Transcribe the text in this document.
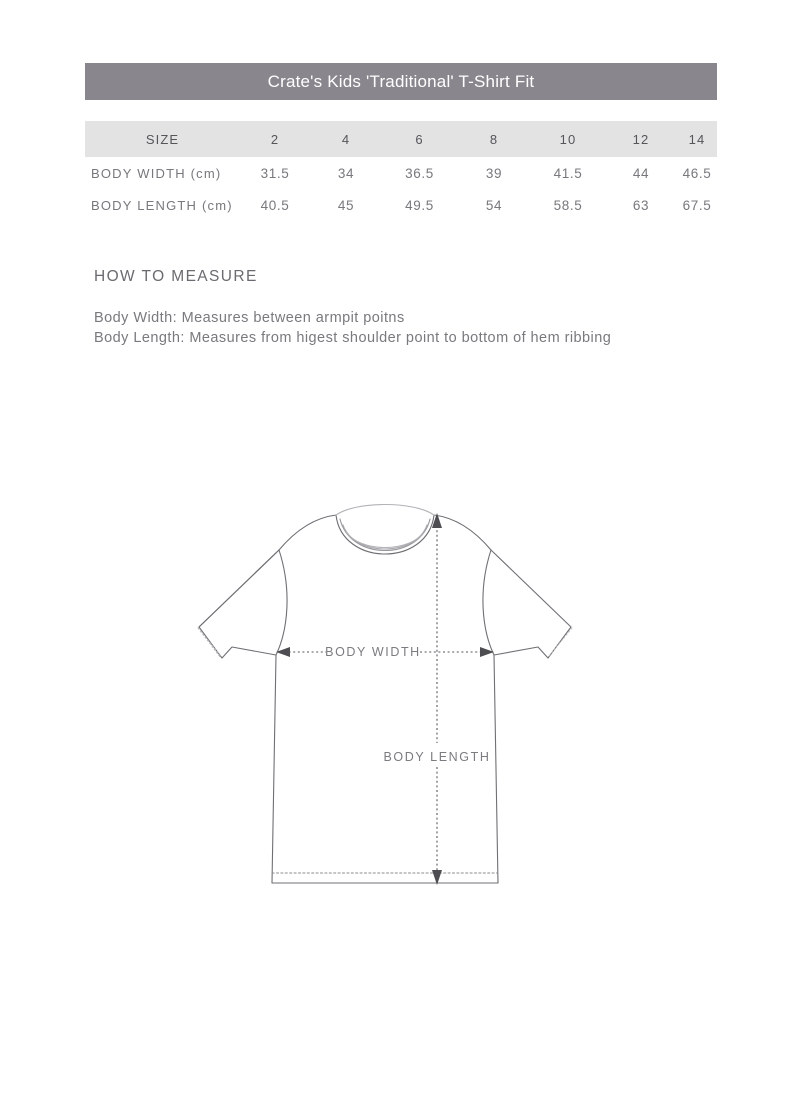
Crate's Kids 'Traditional' T-Shirt Fit
SIZE	2	4	6	8	10	12	14
BODY WIDTH (cm)	31.5	34	36.5	39	41.5	44	46.5
BODY LENGTH (cm)	40.5	45	49.5	54	58.5	63	67.5
HOW TO MEASURE
Body Width: Measures between armpit poitns
Body Length: Measures from higest shoulder point to bottom of hem ribbing
BODY WIDTH
BODY LENGTH
